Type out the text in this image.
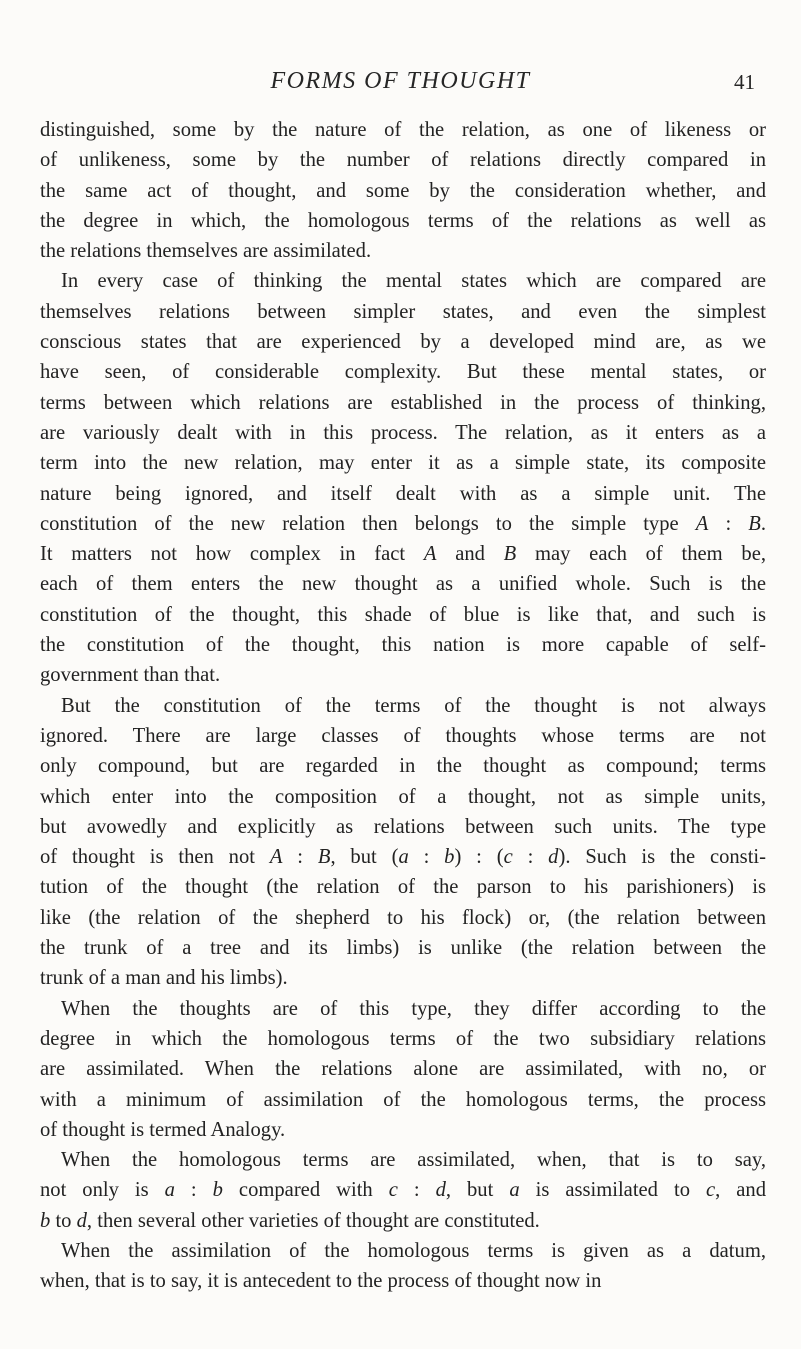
FORMS OF THOUGHT	41
distinguished, some by the nature of the relation, as one of likeness or
of unlikeness, some by the number of relations directly compared in
the same act of thought, and some by the consideration whether, and
the degree in which, the homologous terms of the relations as well as
the relations themselves are assimilated.
In every case of thinking the mental states which are compared are
themselves relations between simpler states, and even the simplest
conscious states that are experienced by a developed mind are, as we
have seen, of considerable complexity. But these mental states, or
terms between which relations are established in the process of thinking,
are variously dealt with in this process. The relation, as it enters as a
term into the new relation, may enter it as a simple state, its composite
nature being ignored, and itself dealt with as a simple unit. The
constitution of the new relation then belongs to the simple type A : B.
It matters not how complex in fact A and B may each of them be,
each of them enters the new thought as a unified whole. Such is the
constitution of the thought, this shade of blue is like that, and such is
the constitution of the thought, this nation is more capable of self-
government than that.
But the constitution of the terms of the thought is not always
ignored. There are large classes of thoughts whose terms are not
only compound, but are regarded in the thought as compound; terms
which enter into the composition of a thought, not as simple units,
but avowedly and explicitly as relations between such units. The type
of thought is then not A : B, but (a : b) : (c : d). Such is the consti-
tution of the thought (the relation of the parson to his parishioners) is
like (the relation of the shepherd to his flock) or, (the relation between
the trunk of a tree and its limbs) is unlike (the relation between the
trunk of a man and his limbs).
When the thoughts are of this type, they differ according to the
degree in which the homologous terms of the two subsidiary relations
are assimilated. When the relations alone are assimilated, with no, or
with a minimum of assimilation of the homologous terms, the process
of thought is termed Analogy.
When the homologous terms are assimilated, when, that is to say,
not only is a : b compared with c : d, but a is assimilated to c, and
b to d, then several other varieties of thought are constituted.
When the assimilation of the homologous terms is given as a datum,
when, that is to say, it is antecedent to the process of thought now in
